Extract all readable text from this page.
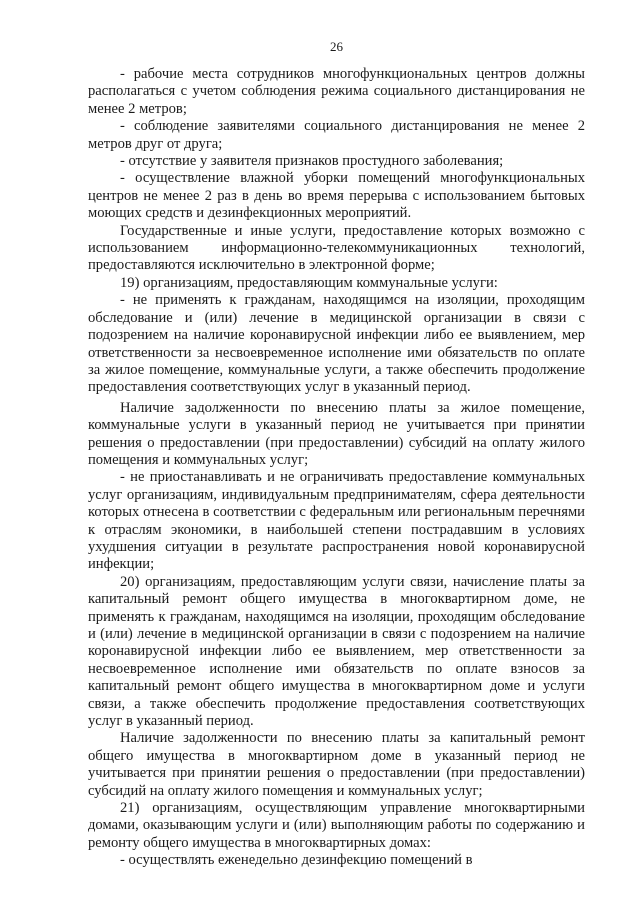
26

- рабочие места сотрудников многофункциональных центров должны располагаться с учетом соблюдения режима социального дистанцирования не менее 2 метров;

- соблюдение заявителями социального дистанцирования не менее 2 метров друг от друга;

- отсутствие у заявителя признаков простудного заболевания;

- осуществление влажной уборки помещений многофункциональных центров не менее 2 раз в день во время перерыва с использованием бытовых моющих средств и дезинфекционных мероприятий.

Государственные и иные услуги, предоставление которых возможно с использованием информационно-телекоммуникационных технологий, предоставляются исключительно в электронной форме;

19) организациям, предоставляющим коммунальные услуги:

- не применять к гражданам, находящимся на изоляции, проходящим обследование и (или) лечение в медицинской организации в связи с подозрением на наличие коронавирусной инфекции либо ее выявлением, мер ответственности за несвоевременное исполнение ими обязательств по оплате за жилое помещение, коммунальные услуги, а также обеспечить продолжение предоставления соответствующих услуг в указанный период.

Наличие задолженности по внесению платы за жилое помещение, коммунальные услуги в указанный период не учитывается при принятии решения о предоставлении (при предоставлении) субсидий на оплату жилого помещения и коммунальных услуг;

- не приостанавливать и не ограничивать предоставление коммунальных услуг организациям, индивидуальным предпринимателям, сфера деятельности которых отнесена в соответствии с федеральным или региональным перечнями к отраслям экономики, в наибольшей степени пострадавшим в условиях ухудшения ситуации в результате распространения новой коронавирусной инфекции;

20) организациям, предоставляющим услуги связи, начисление платы за капитальный ремонт общего имущества в многоквартирном доме, не применять к гражданам, находящимся на изоляции, проходящим обследование и (или) лечение в медицинской организации в связи с подозрением на наличие коронавирусной инфекции либо ее выявлением, мер ответственности за несвоевременное исполнение ими обязательств по оплате взносов за капитальный ремонт общего имущества в многоквартирном доме и услуги связи, а также обеспечить продолжение предоставления соответствующих услуг в указанный период.

Наличие задолженности по внесению платы за капитальный ремонт общего имущества в многоквартирном доме в указанный период не учитывается при принятии решения о предоставлении (при предоставлении) субсидий на оплату жилого помещения и коммунальных услуг;

21) организациям, осуществляющим управление многоквартирными домами, оказывающим услуги и (или) выполняющим работы по содержанию и ремонту общего имущества в многоквартирных домах:

- осуществлять еженедельно дезинфекцию помещений в
